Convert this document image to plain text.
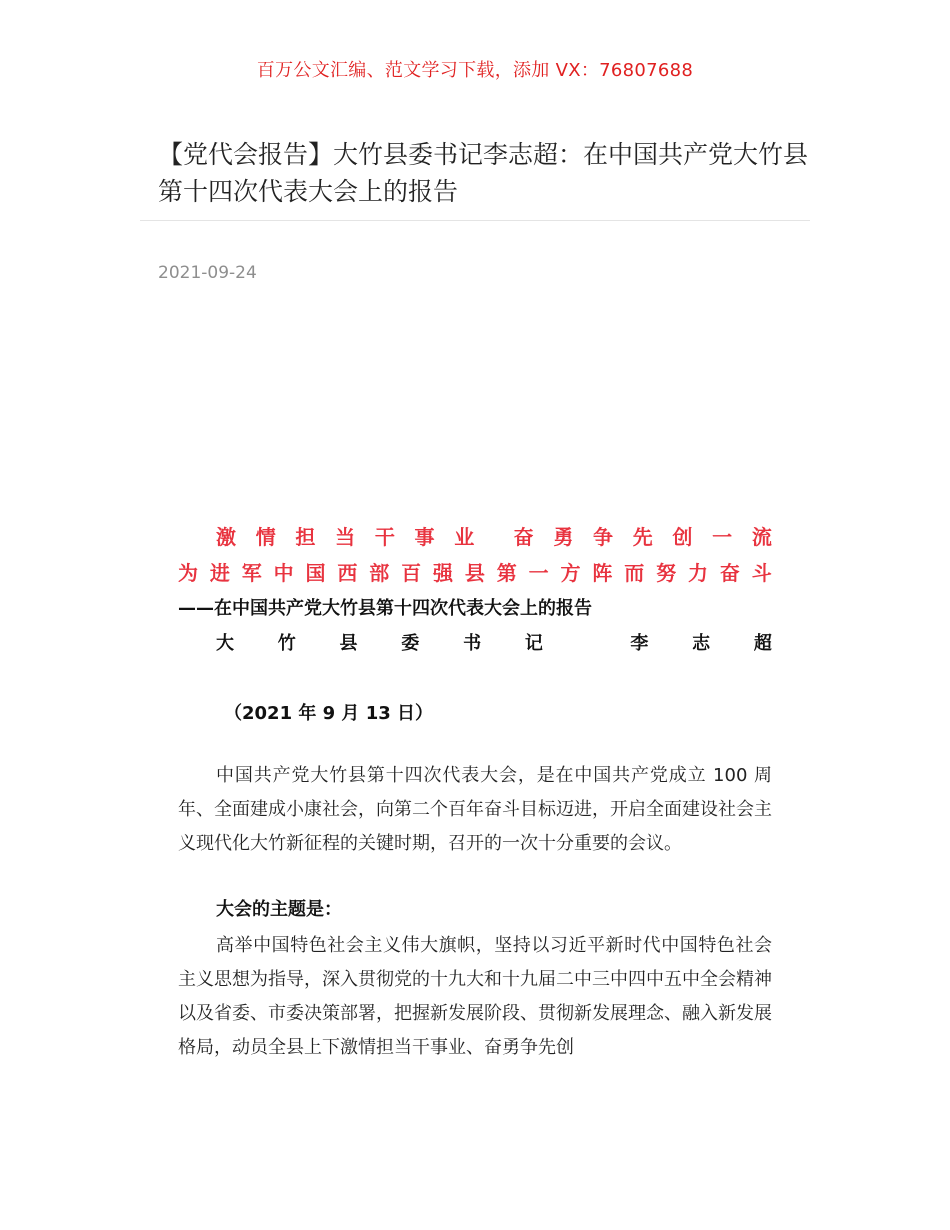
百万公文汇编、范文学习下载，添加 VX：76807688
【党代会报告】大竹县委书记李志超：在中国共产党大竹县第十四次代表大会上的报告
2021-09-24
激 情 担 当 干 事 业 奋 勇 争 先 创 一 流
为 进 军 中 国 西 部 百 强 县 第 一 方 阵 而 努 力 奋 斗
——在中国共产党大竹县第十四次代表大会上的报告
大 竹 县 委 书 记	李 志 超
（2021 年 9 月 13 日）

中国共产党大竹县第十四次代表大会，是在中国共产党成立 100 周年、全面建成小康社会，向第二个百年奋斗目标迈进，开启全面建设社会主义现代化大竹新征程的关键时期，召开的一次十分重要的会议。

大会的主题是：

高举中国特色社会主义伟大旗帜，坚持以习近平新时代中国特色社会主义思想为指导，深入贯彻党的十九大和十九届二中三中四中五中全会精神以及省委、市委决策部署，把握新发展阶段、贯彻新发展理念、融入新发展格局，动员全县上下激情担当干事业、奋勇争先创
